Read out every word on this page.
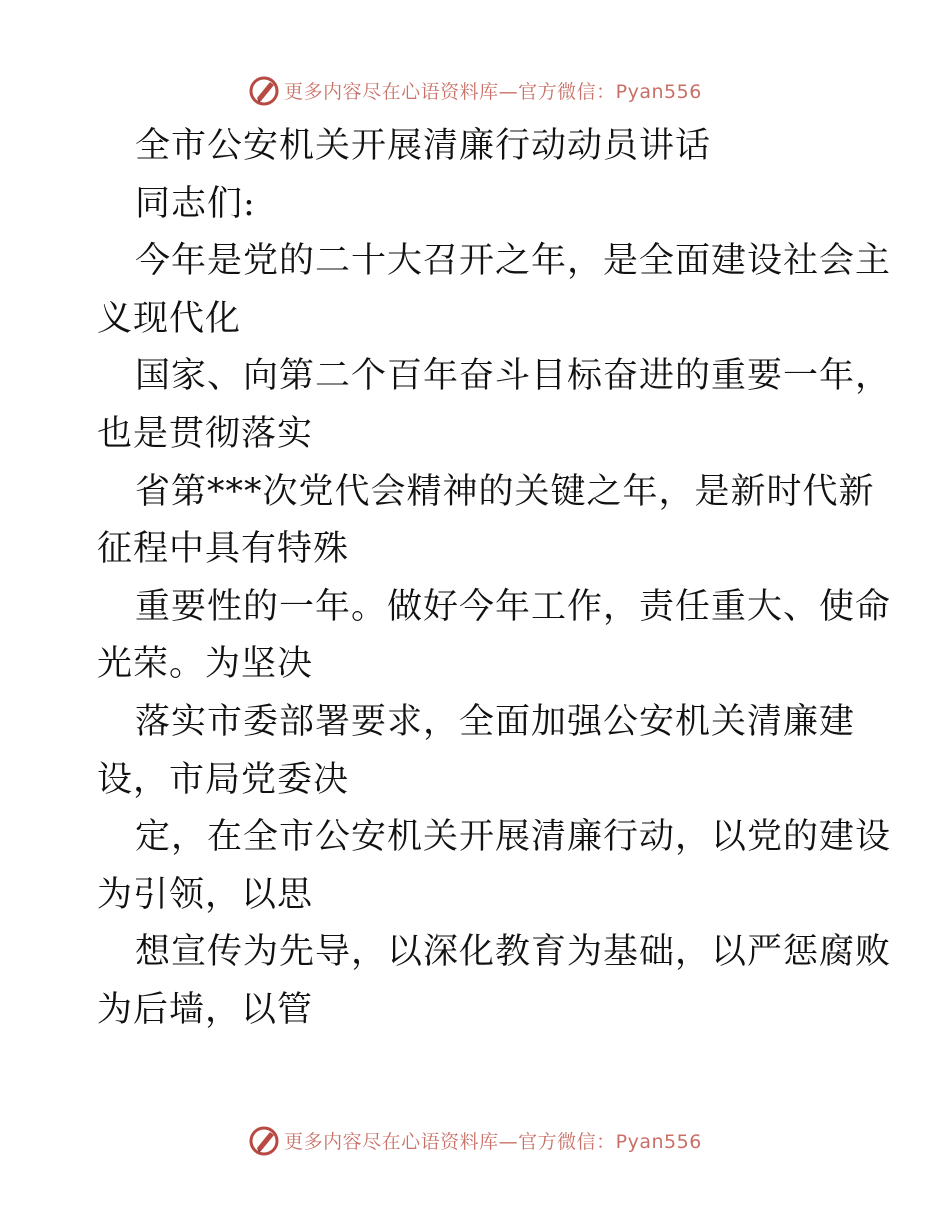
更多内容尽在心语资料库—官方微信：Pyan556
全市公安机关开展清廉行动动员讲话
同志们:
今年是党的二十大召开之年，是全面建设社会主
义现代化
国家、向第二个百年奋斗目标奋进的重要一年，
也是贯彻落实
省第***次党代会精神的关键之年，是新时代新
征程中具有特殊
重要性的一年。做好今年工作，责任重大、使命
光荣。为坚决
落实市委部署要求，全面加强公安机关清廉建
设，市局党委决
定，在全市公安机关开展清廉行动，以党的建设
为引领，以思
想宣传为先导，以深化教育为基础，以严惩腐败
为后墙，以管
更多内容尽在心语资料库—官方微信：Pyan556
